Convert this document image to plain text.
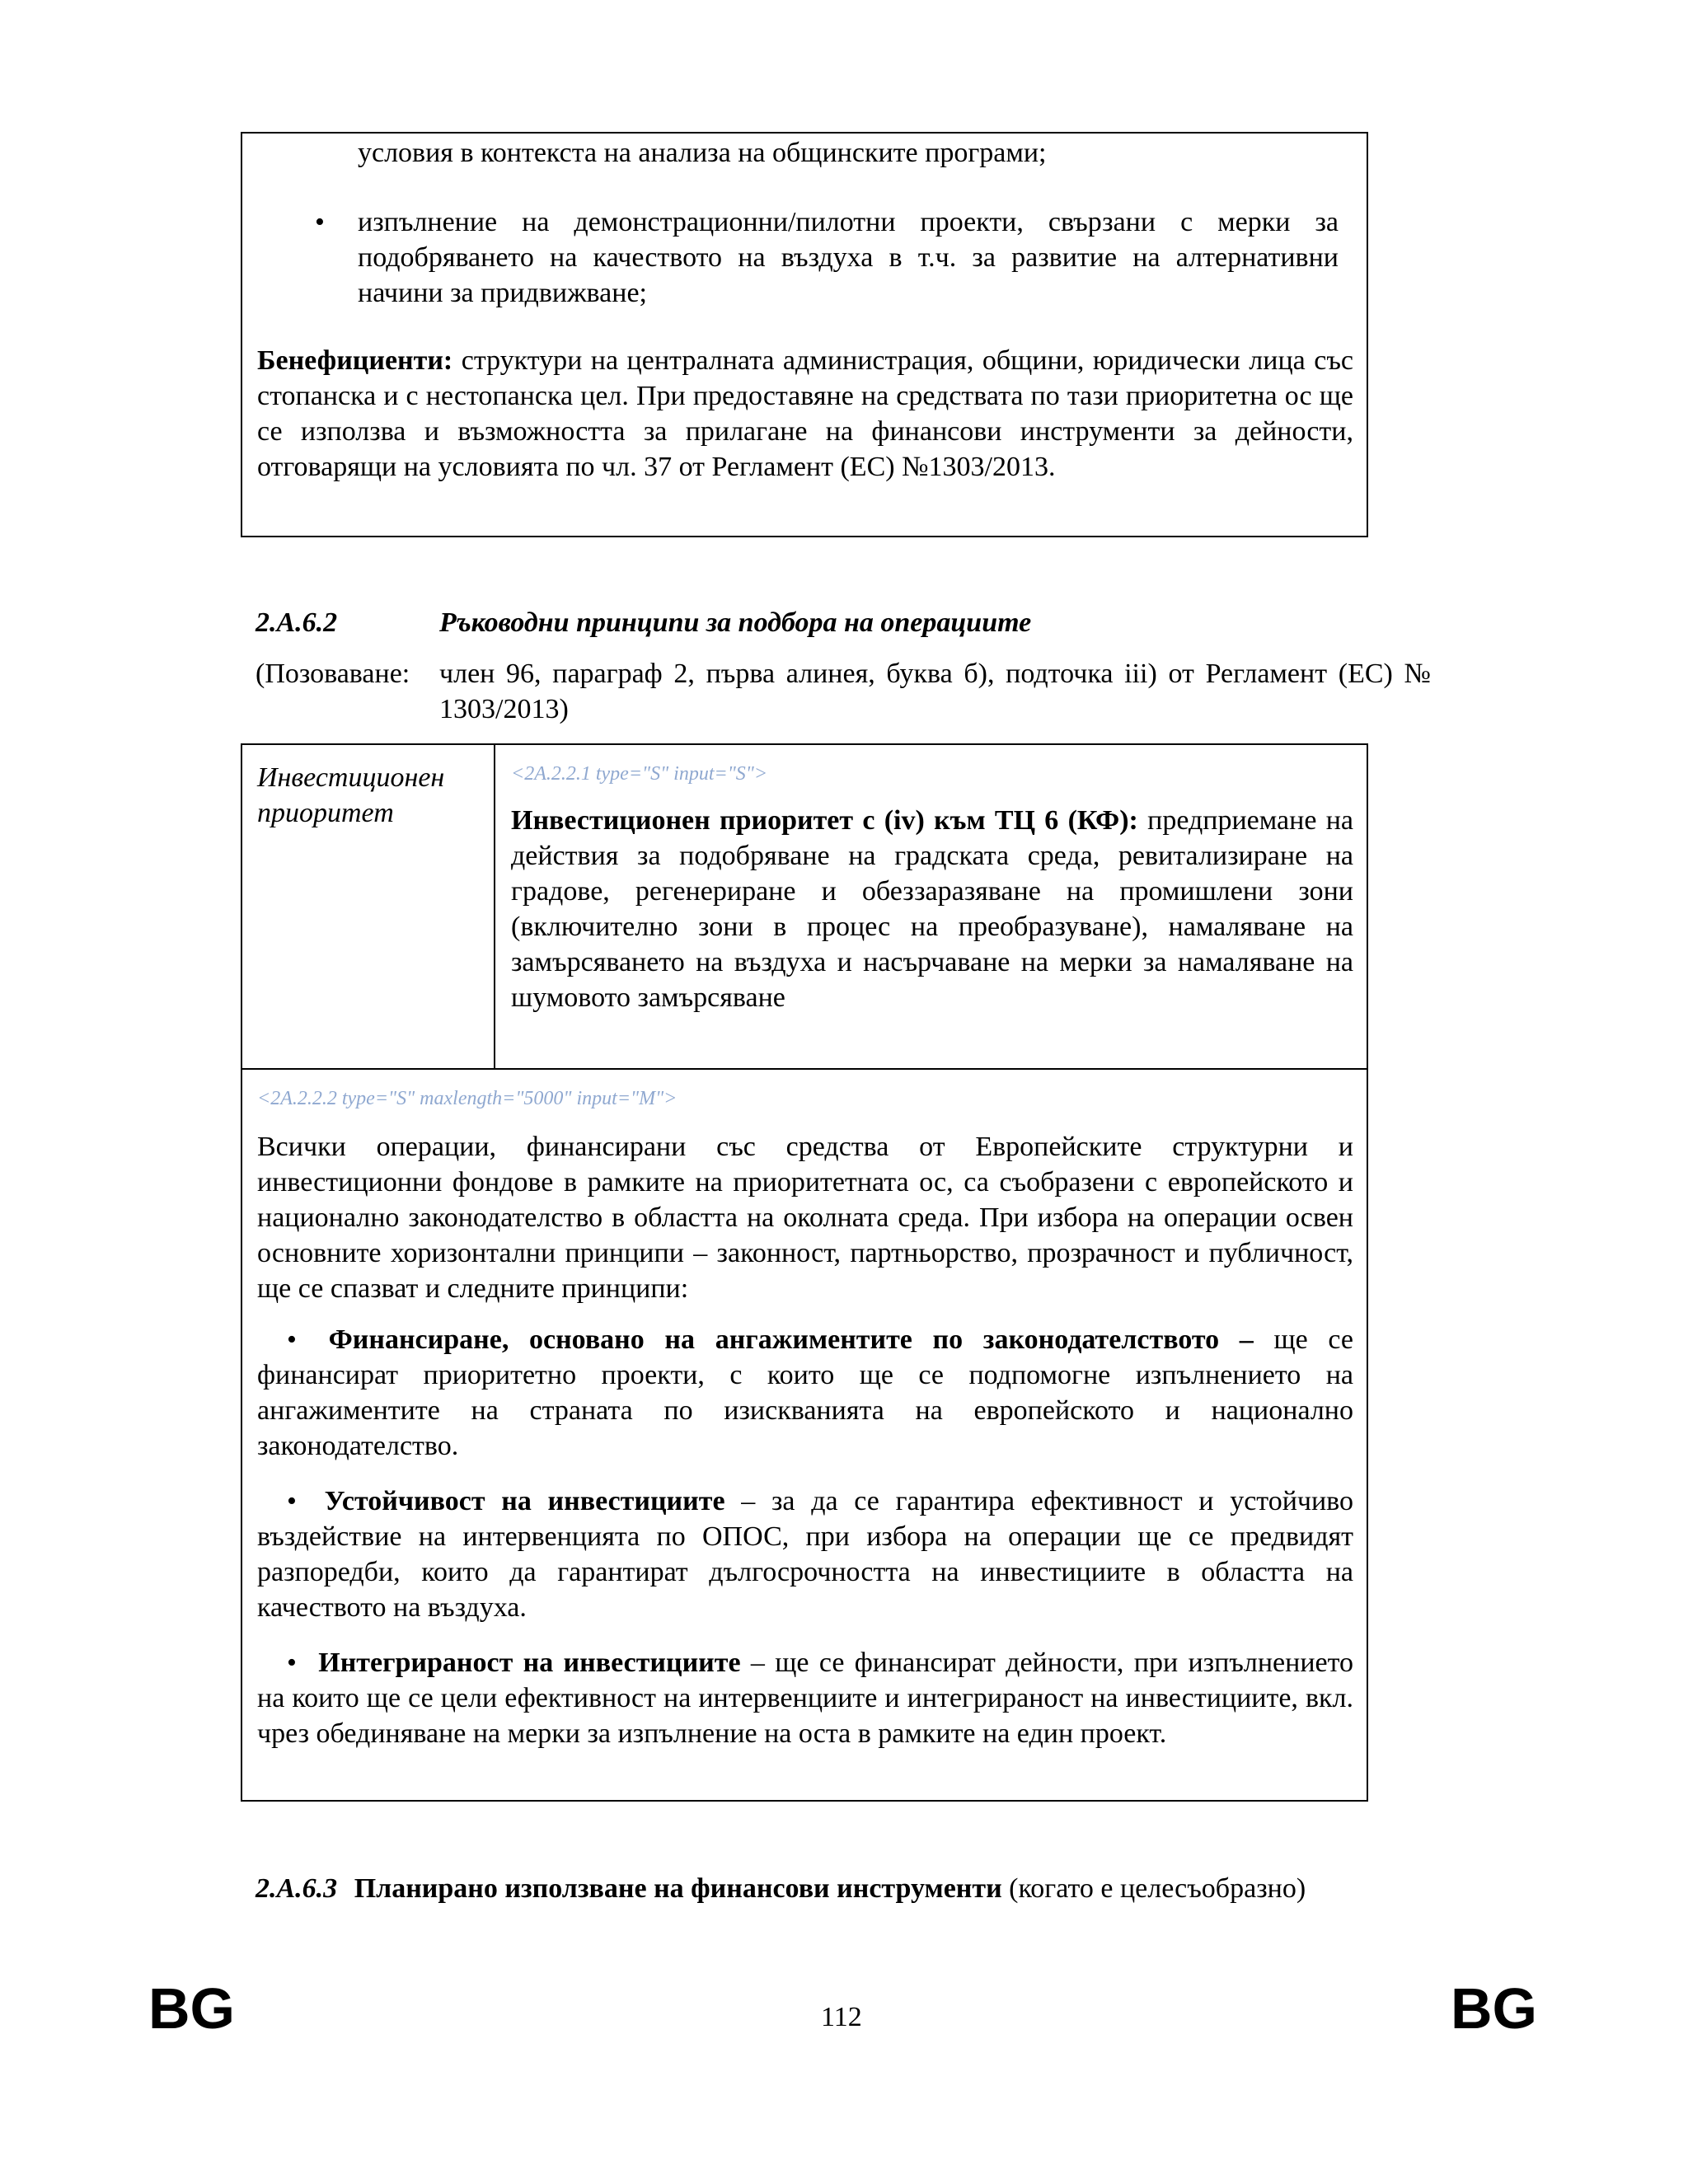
условия в контекста на анализа на общинските програми;
• изпълнение на демонстрационни/пилотни проекти, свързани с мерки за подобряването на качеството на въздуха в т.ч. за развитие на алтернативни начини за придвижване;
Бенефициенти: структури на централната администрация, общини, юридически лица със стопанска и с нестопанска цел. При предоставяне на средствата по тази приоритетна ос ще се използва и възможността за прилагане на финансови инструменти за дейности, отговарящи на условията по чл. 37 от Регламент (ЕС) №1303/2013.
2.A.6.2	Ръководни принципи за подбора на операциите
(Позоваване: член 96, параграф 2, първа алинея, буква б), подточка iii) от Регламент (ЕС) № 1303/2013)
Инвестиционен приоритет
<2A.2.2.1 type="S" input="S">
Инвестиционен приоритет с (iv) към ТЦ 6 (КФ): предприемане на действия за подобряване на градската среда, ревитализиране на градове, регенериране и обеззаразяване на промишлени зони (включително зони в процес на преобразуване), намаляване на замърсяването на въздуха и насърчаване на мерки за намаляване на шумовото замърсяване
<2A.2.2.2 type="S" maxlength="5000" input="M">
Всички операции, финансирани със средства от Европейските структурни и инвестиционни фондове в рамките на приоритетната ос, са съобразени с европейското и национално законодателство в областта на околната среда. При избора на операции освен основните хоризонтални принципи – законност, партньорство, прозрачност и публичност, ще се спазват и следните принципи:
• Финансиране, основано на ангажиментите по законодателството – ще се финансират приоритетно проекти, с които ще се подпомогне изпълнението на ангажиментите на страната по изискванията на европейското и национално законодателство.
• Устойчивост на инвестициите – за да се гарантира ефективност и устойчиво въздействие на интервенцията по ОПОС, при избора на операции ще се предвидят разпоредби, които да гарантират дългосрочността на инвестициите в областта на качеството на въздуха.
• Интегрираност на инвестициите – ще се финансират дейности, при изпълнението на които ще се цели ефективност на интервенциите и интегрираност на инвестициите, вкл. чрез обединяване на мерки за изпълнение на оста в рамките на един проект.
2.A.6.3 Планирано използване на финансови инструменти (когато е целесъобразно)
BG	112	BG
